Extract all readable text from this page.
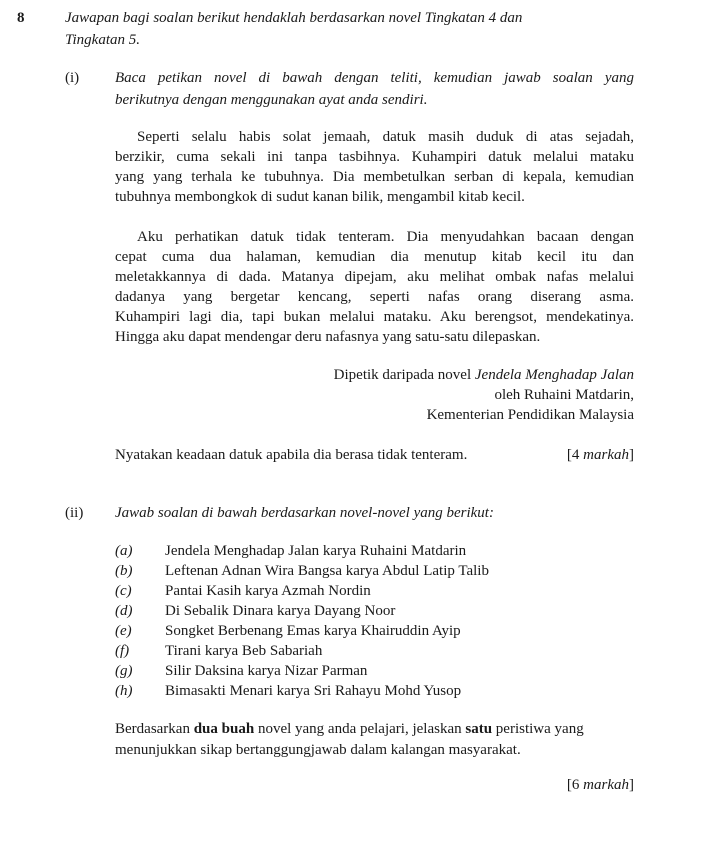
8	Jawapan bagi soalan berikut hendaklah berdasarkan novel Tingkatan 4 dan
Tingkatan 5.
(i) Baca petikan novel di bawah dengan teliti, kemudian jawab soalan yang
berikutnya dengan menggunakan ayat anda sendiri.
Seperti selalu habis solat jemaah, datuk masih duduk di atas sejadah,
berzikir, cuma sekali ini tanpa tasbihnya. Kuhampiri datuk melalui mataku
yang yang terhala ke tubuhnya. Dia membetulkan serban di kepala, kemudian
tubuhnya membongkok di sudut kanan bilik, mengambil kitab kecil.
Aku perhatikan datuk tidak tenteram. Dia menyudahkan bacaan dengan
cepat cuma dua halaman, kemudian dia menutup kitab kecil itu dan
meletakkannya di dada. Matanya dipejam, aku melihat ombak nafas melalui
dadanya yang bergetar kencang, seperti nafas orang diserang asma.
Kuhampiri lagi dia, tapi bukan melalui mataku. Aku berengsot, mendekatinya.
Hingga aku dapat mendengar deru nafasnya yang satu-satu dilepaskan.
Dipetik daripada novel Jendela Menghadap Jalan
oleh Ruhaini Matdarin,
Kementerian Pendidikan Malaysia
Nyatakan keadaan datuk apabila dia berasa tidak tenteram.	[4 markah]
(ii) Jawab soalan di bawah berdasarkan novel-novel yang berikut:
(a) Jendela Menghadap Jalan karya Ruhaini Matdarin
(b) Leftenan Adnan Wira Bangsa karya Abdul Latip Talib
(c) Pantai Kasih karya Azmah Nordin
(d) Di Sebalik Dinara karya Dayang Noor
(e) Songket Berbenang Emas karya Khairuddin Ayip
(f) Tirani karya Beb Sabariah
(g) Silir Daksina karya Nizar Parman
(h) Bimasakti Menari karya Sri Rahayu Mohd Yusop
Berdasarkan dua buah novel yang anda pelajari, jelaskan satu peristiwa yang
menunjukkan sikap bertanggungjawab dalam kalangan masyarakat.
[6 markah]
